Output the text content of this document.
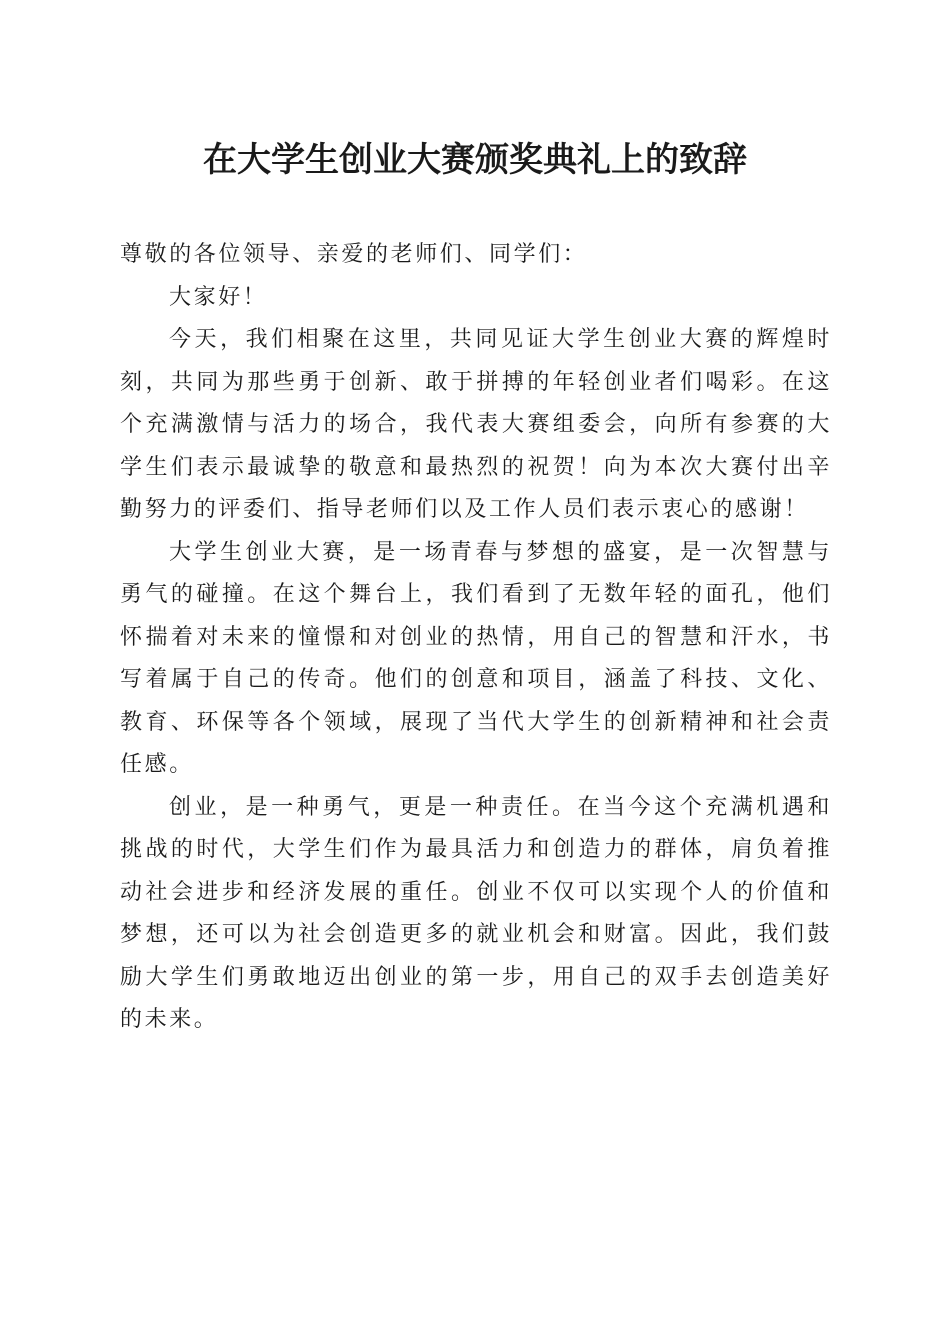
在大学生创业大赛颁奖典礼上的致辞

尊敬的各位领导、亲爱的老师们、同学们：

大家好！

今天，我们相聚在这里，共同见证大学生创业大赛的辉煌时刻，共同为那些勇于创新、敢于拼搏的年轻创业者们喝彩。在这个充满激情与活力的场合，我代表大赛组委会，向所有参赛的大学生们表示最诚挚的敬意和最热烈的祝贺！向为本次大赛付出辛勤努力的评委们、指导老师们以及工作人员们表示衷心的感谢！

大学生创业大赛，是一场青春与梦想的盛宴，是一次智慧与勇气的碰撞。在这个舞台上，我们看到了无数年轻的面孔，他们怀揣着对未来的憧憬和对创业的热情，用自己的智慧和汗水，书写着属于自己的传奇。他们的创意和项目，涵盖了科技、文化、教育、环保等各个领域，展现了当代大学生的创新精神和社会责任感。

创业，是一种勇气，更是一种责任。在当今这个充满机遇和挑战的时代，大学生们作为最具活力和创造力的群体，肩负着推动社会进步和经济发展的重任。创业不仅可以实现个人的价值和梦想，还可以为社会创造更多的就业机会和财富。因此，我们鼓励大学生们勇敢地迈出创业的第一步，用自己的双手去创造美好的未来。
